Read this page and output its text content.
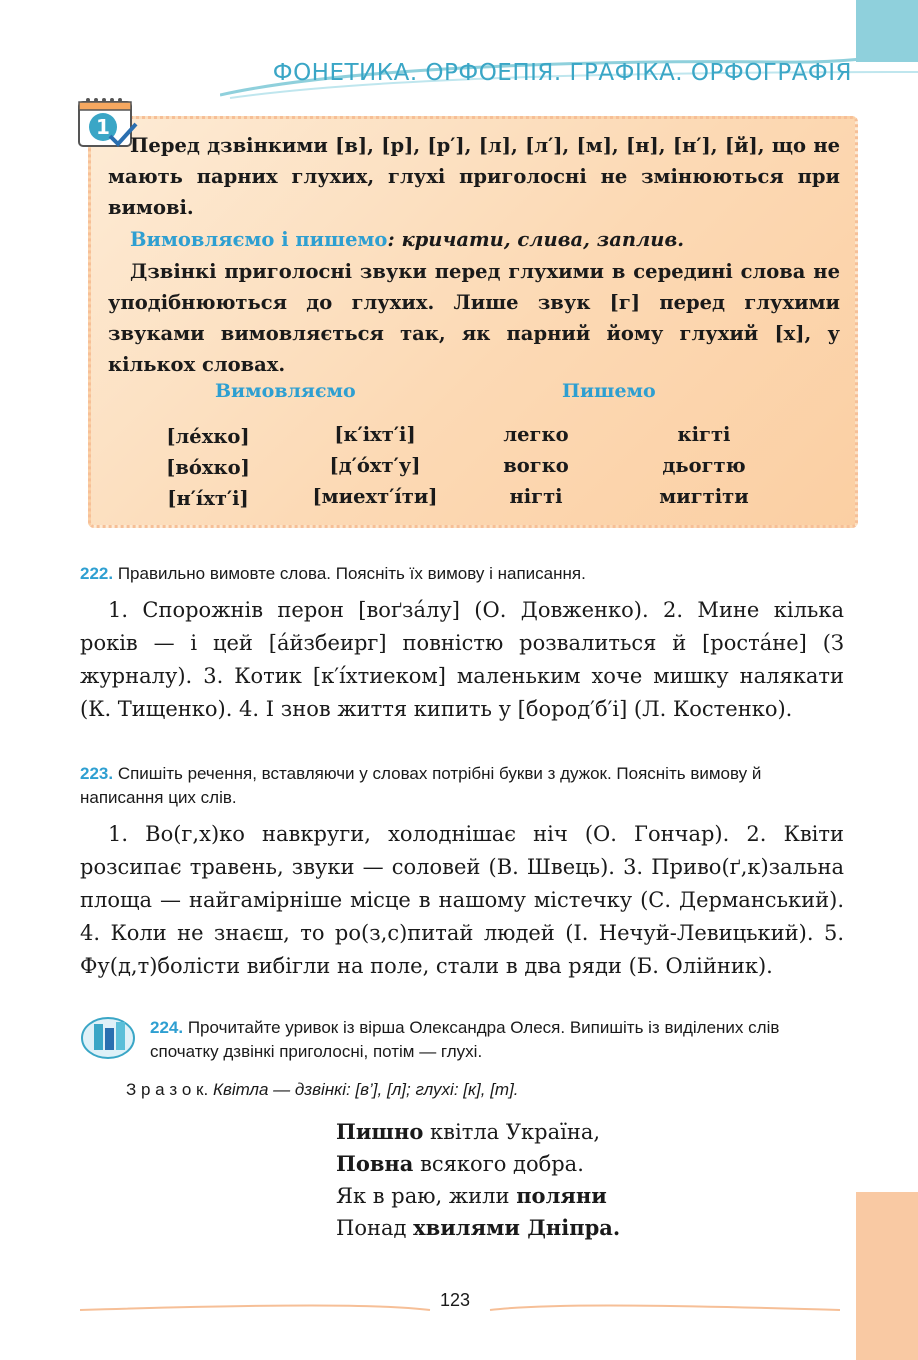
ФОНЕТИКА. ОРФОЕПІЯ. ГРАФІКА. ОРФОГРАФІЯ
1

Перед дзвінкими [в], [р], [р′], [л], [л′], [м], [н], [н′], [й], що не мають парних глухих, глухі приголосні не змінюються при вимові.

Вимовляємо і пишемо: кричати, слива, заплив.

Дзвінкі приголосні звуки перед глухими в середині слова не уподібнюються до глухих. Лише звук [г] перед глухими звуками вимовляється так, як парний йому глухий [х], у кількох словах.

Вимовляємо	Пишемо
[ле́хко]
[во́хко]
[н′і́хт′і]
[к′іхт′і]
[д′о́хт′у]
[миехт′і́ти]
легко
вогко
нігті
кігті
дьогтю
мигтіти
222. Правильно вимовте слова. Поясніть їх вимову і написання.

1. Спорожнів перон [воґза́лу] (О. Довженко). 2. Мине кілька років — і цей [а́йзбеирг] повністю розвалиться й [роста́не] (З журналу). 3. Котик [к′і́хтиеком] маленьким хоче мишку налякати (К. Тищенко). 4. І знов життя кипить у [бород′б′і] (Л. Костенко).

223. Спишіть речення, вставляючи у словах потрібні букви з дужок. Поясніть вимову й написання цих слів.

1. Во(г,х)ко навкруги, холоднішає ніч (О. Гончар). 2. Квіти розсипає травень, звуки — соловей (В. Швець). 3. Приво(ґ,к)зальна площа — найгамірніше місце в нашому містечку (С. Дерманський). 4. Коли не знаєш, то ро(з,с)питай людей (І. Нечуй-Левицький). 5. Фу(д,т)болісти вибігли на поле, стали в два ряди (Б. Олійник).

224. Прочитайте уривок із вірша Олександра Олеся. Випишіть із виділених слів спочатку дзвінкі приголосні, потім — глухі.
З р а з о к. Квітла — дзвінкі: [в’], [л]; глухі: [к], [т].
Пишно квітла Україна,
Повна всякого добра.
Як в раю, жили поляни
Понад хвилями Дніпра.
123
